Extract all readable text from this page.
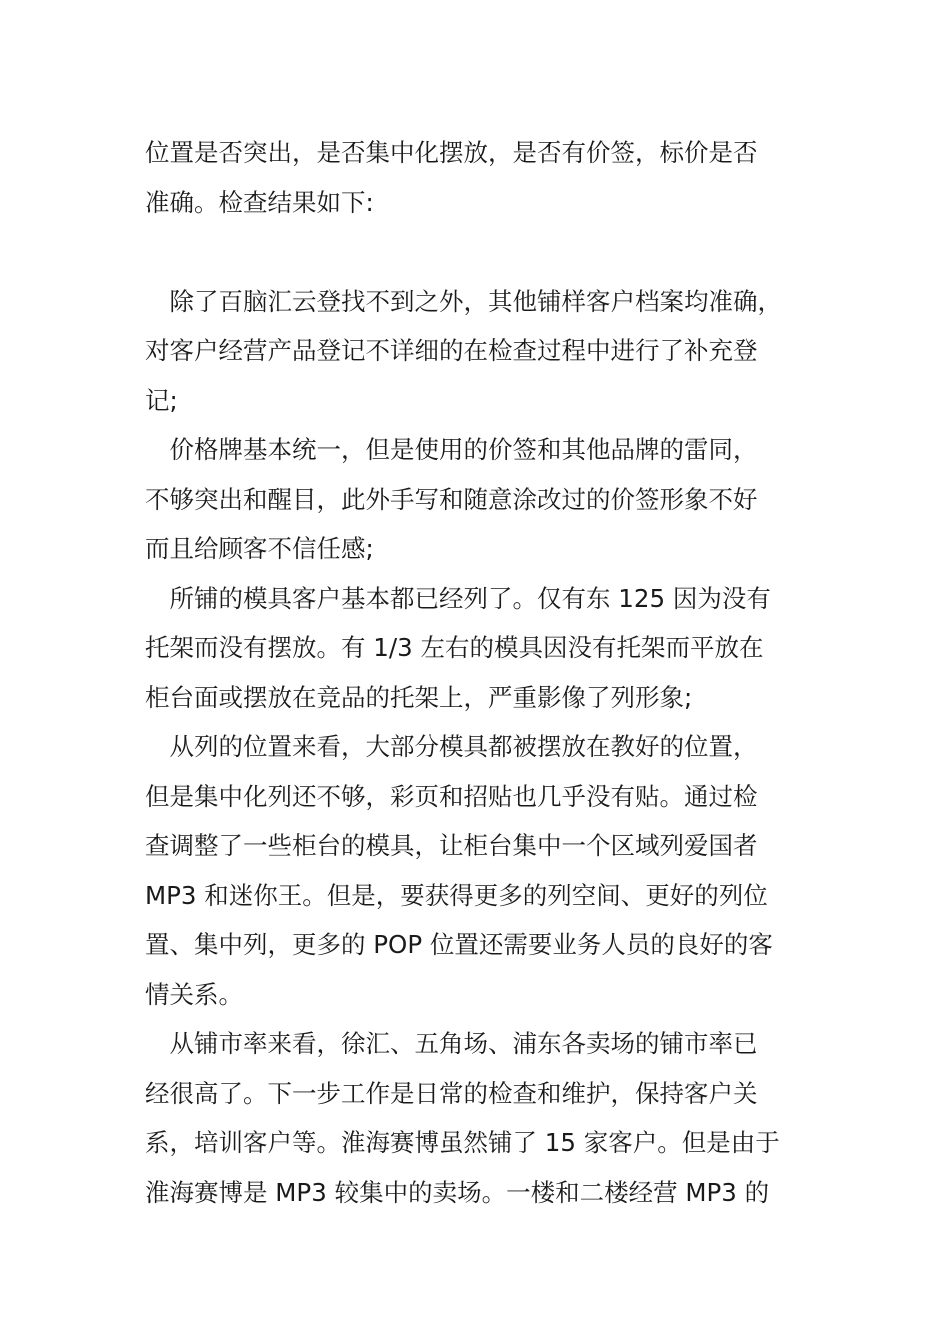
位置是否突出，是否集中化摆放，是否有价签，标价是否
准确。检查结果如下:
　除了百脑汇云登找不到之外，其他铺样客户档案均准确，
对客户经营产品登记不详细的在检查过程中进行了补充登
记;
　价格牌基本统一，但是使用的价签和其他品牌的雷同，
不够突出和醒目，此外手写和随意涂改过的价签形象不好
而且给顾客不信任感;
　所铺的模具客户基本都已经列了。仅有东 125 因为没有
托架而没有摆放。有 1/3 左右的模具因没有托架而平放在
柜台面或摆放在竞品的托架上，严重影像了列形象;
　从列的位置来看，大部分模具都被摆放在教好的位置，
但是集中化列还不够，彩页和招贴也几乎没有贴。通过检
查调整了一些柜台的模具，让柜台集中一个区域列爱国者
MP3 和迷你王。但是，要获得更多的列空间、更好的列位
置、集中列，更多的 POP 位置还需要业务人员的良好的客
情关系。
　从铺市率来看，徐汇、五角场、浦东各卖场的铺市率已
经很高了。下一步工作是日常的检查和维护，保持客户关
系，培训客户等。淮海赛博虽然铺了 15 家客户。但是由于
淮海赛博是 MP3 较集中的卖场。一楼和二楼经营 MP3 的
